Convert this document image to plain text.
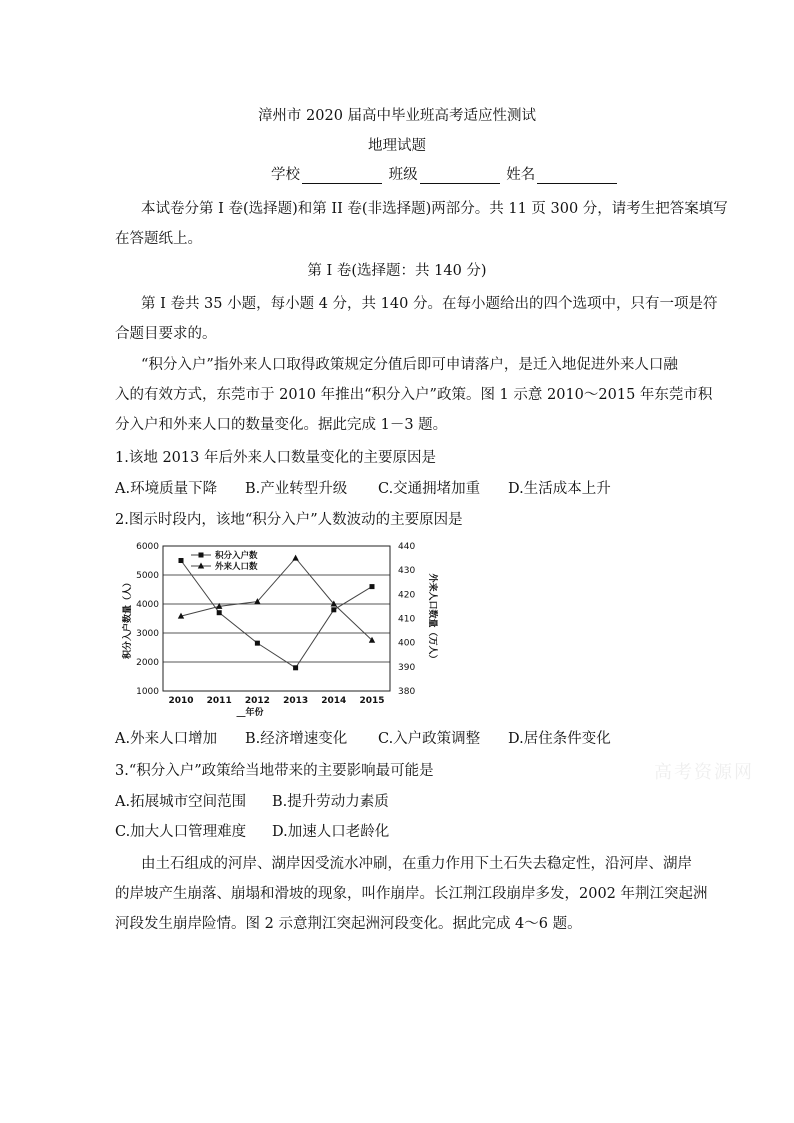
漳州市 2020 届高中毕业班高考适应性测试
地理试题
学校	班级	姓名
本试卷分第 I 卷(选择题)和第 II 卷(非选择题)两部分。共 11 页 300 分，请考生把答案填写
在答题纸上。
第 I 卷(选择题：共 140 分)
第 I 卷共 35 小题，每小题 4 分，共 140 分。在每小题给出的四个选项中，只有一项是符
合题目要求的。
“积分入户”指外来人口取得政策规定分值后即可申请落户，是迁入地促进外来人口融
入的有效方式，东莞市于 2010 年推出“积分入户”政策。图 1 示意 2010～2015 年东莞市积
分入户和外来人口的数量变化。据此完成 1－3 题。
1.该地 2013 年后外来人口数量变化的主要原因是
A.环境质量下降 B.产业转型升级 C.交通拥堵加重 D.生活成本上升
2.图示时段内，该地“积分入户”人数波动的主要原因是
1000
2000
3000
4000
5000
6000
380
390
400
410
420
430
440
2010 2011 2012 2013 2014 2015
__年份
积分入户数量（人）	外来人口数量（万人）
积分入户数
外来人口数
A.外来人口增加 B.经济增速变化 C.入户政策调整 D.居住条件变化
3.“积分入户”政策给当地带来的主要影响最可能是
A.拓展城市空间范围 B.提升劳动力素质
C.加大人口管理难度 D.加速人口老龄化
由土石组成的河岸、湖岸因受流水冲刷，在重力作用下土石失去稳定性，沿河岸、湖岸
的岸坡产生崩落、崩塌和滑坡的现象，叫作崩岸。长江荆江段崩岸多发，2002 年荆江突起洲
河段发生崩岸险情。图 2 示意荆江突起洲河段变化。据此完成 4～6 题。
高考资源网
